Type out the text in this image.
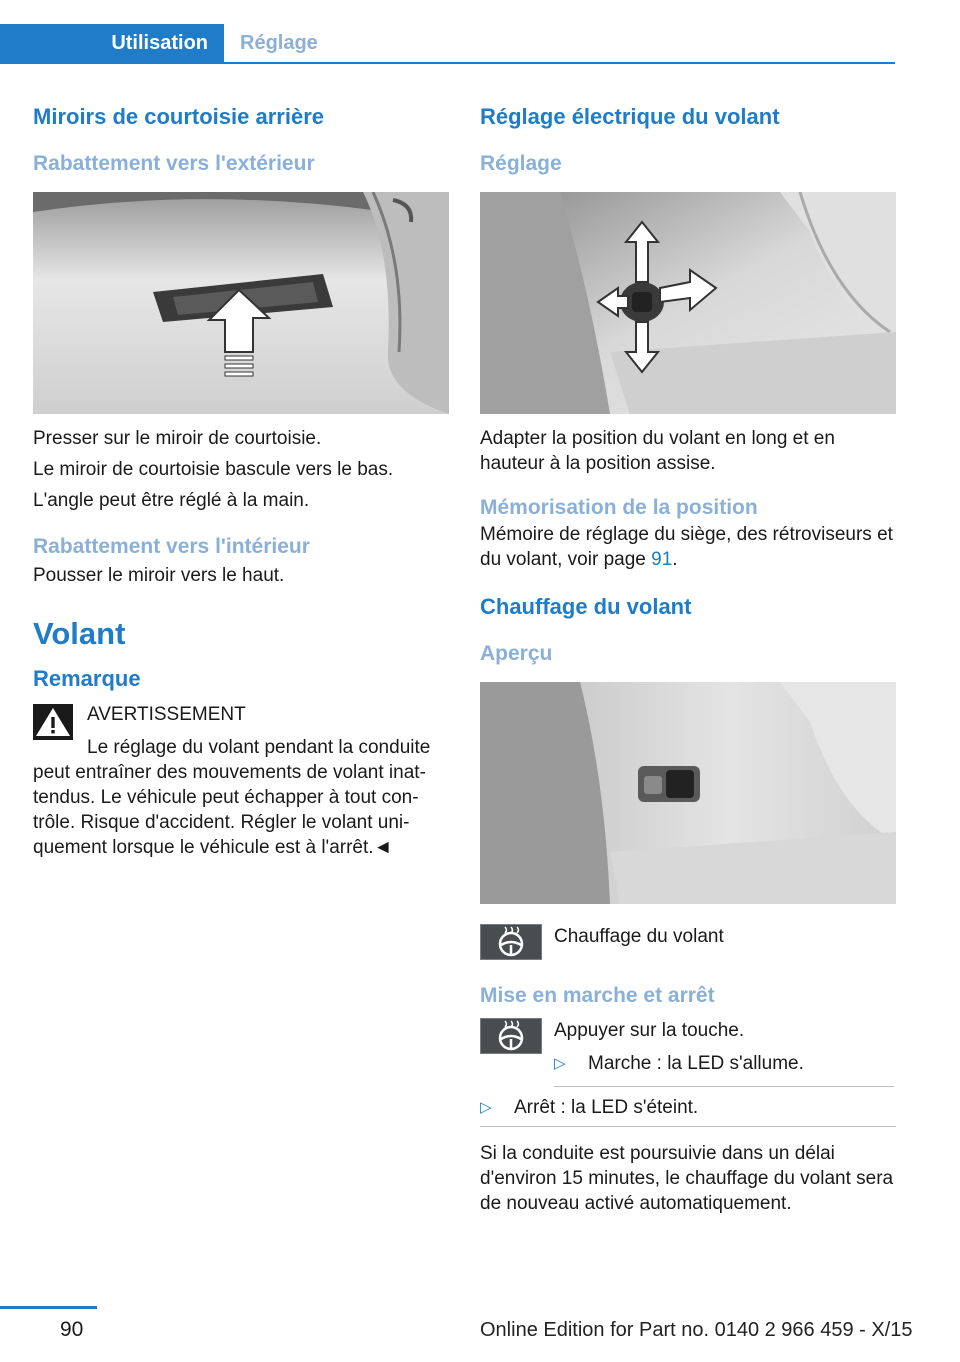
Utilisation	Réglage
Miroirs de courtoisie arrière
Rabattement vers l'extérieur

Presser sur le miroir de courtoisie.

Le miroir de courtoisie bascule vers le bas.

L'angle peut être réglé à la main.

Rabattement vers l'intérieur

Pousser le miroir vers le haut.

Volant
Remarque
AVERTISSEMENT
Le réglage du volant pendant la conduite peut entraîner des mouvements de volant inat-tendus. Le véhicule peut échapper à tout con-trôle. Risque d'accident. Régler le volant uni-quement lorsque le véhicule est à l'arrêt.◄
Réglage électrique du volant
Réglage

Adapter la position du volant en long et en hauteur à la position assise.

Mémorisation de la position

Mémoire de réglage du siège, des rétroviseurs et du volant, voir page 91.

Chauffage du volant
Aperçu

Chauffage du volant

Mise en marche et arrêt

Appuyer sur la touche.

▷ Marche : la LED s'allume.
▷ Arrêt : la LED s'éteint.

Si la conduite est poursuivie dans un délai d'environ 15 minutes, le chauffage du volant sera de nouveau activé automatiquement.

90	Online Edition for Part no. 0140 2 966 459 - X/15
